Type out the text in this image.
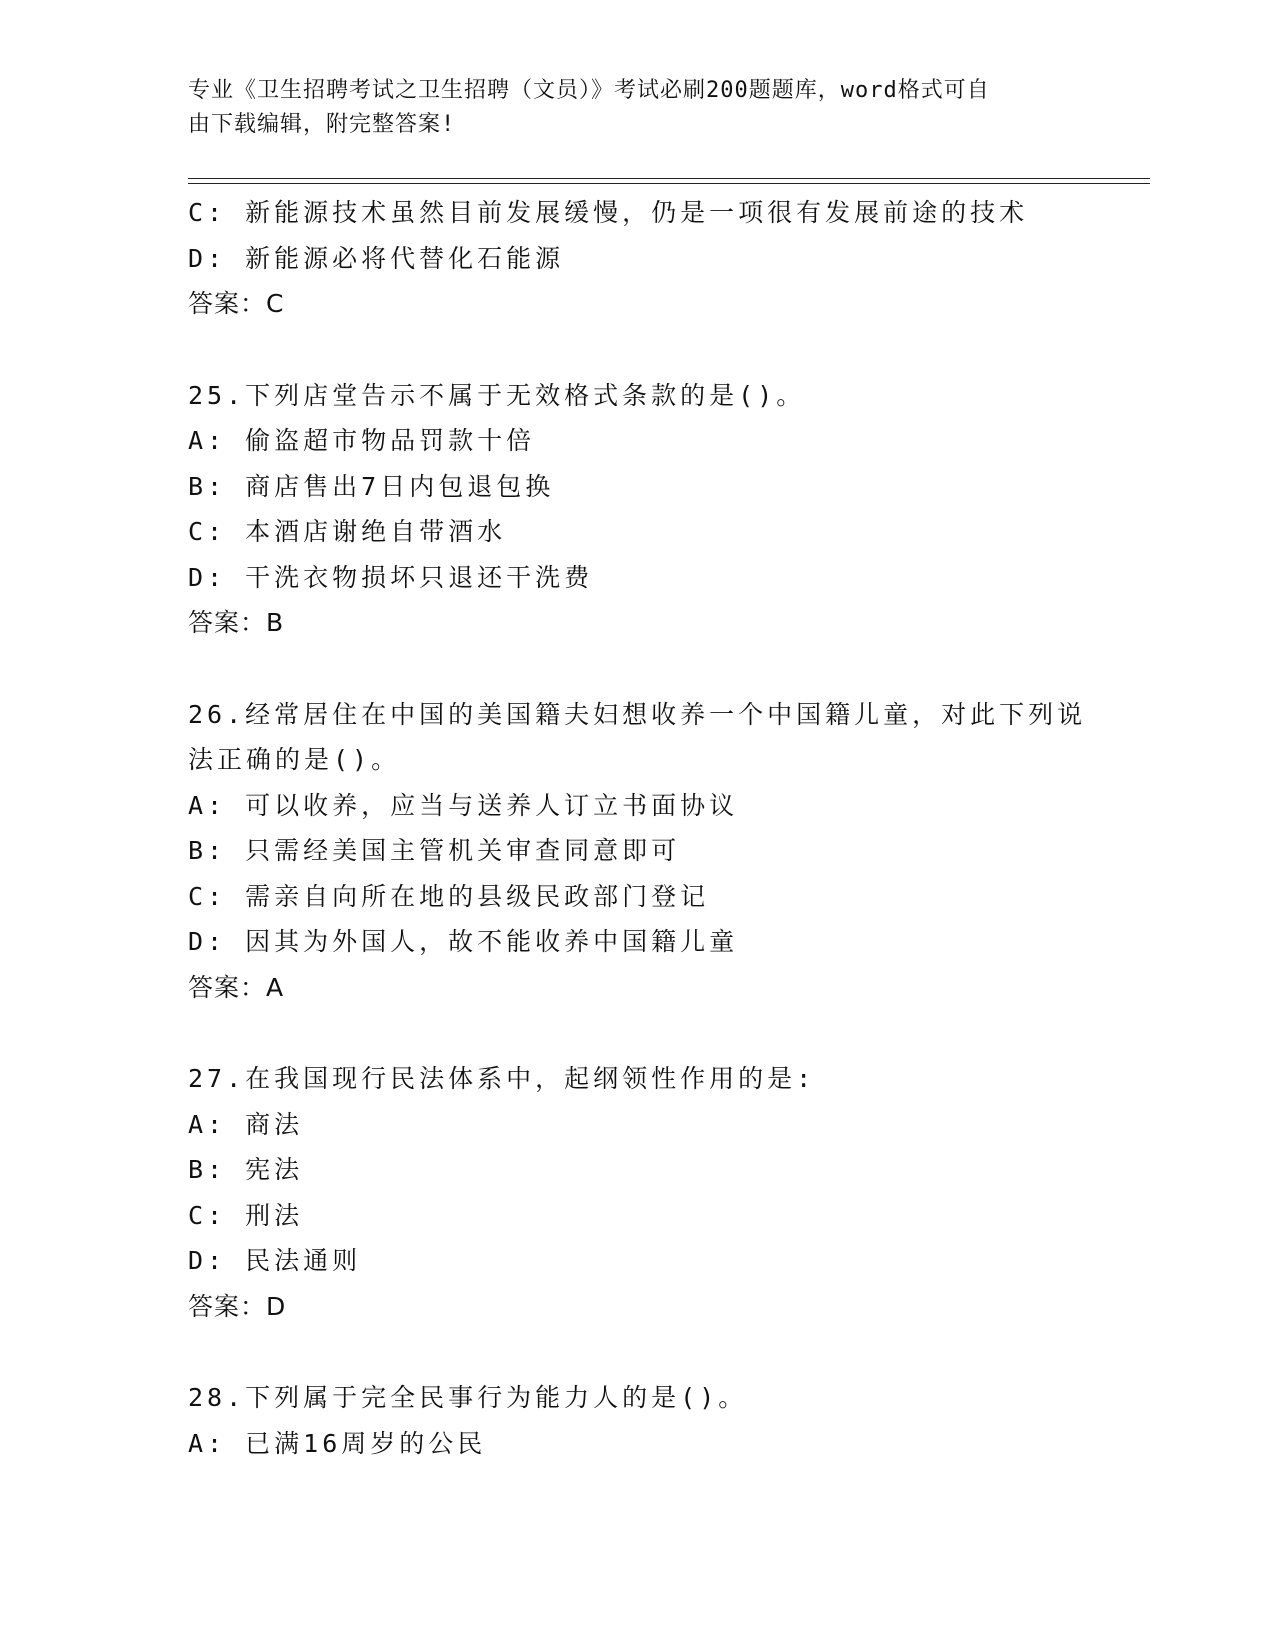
专业《卫生招聘考试之卫生招聘（文员）》考试必刷200题题库，word格式可自
由下载编辑，附完整答案!
C: 新能源技术虽然目前发展缓慢，仍是一项很有发展前途的技术
D: 新能源必将代替化石能源
答案：C
25.下列店堂告示不属于无效格式条款的是()。
A: 偷盗超市物品罚款十倍
B: 商店售出7日内包退包换
C: 本酒店谢绝自带酒水
D: 干洗衣物损坏只退还干洗费
答案：B
26.经常居住在中国的美国籍夫妇想收养一个中国籍儿童，对此下列说
法正确的是()。
A: 可以收养，应当与送养人订立书面协议
B: 只需经美国主管机关审查同意即可
C: 需亲自向所在地的县级民政部门登记
D: 因其为外国人，故不能收养中国籍儿童
答案：A
27.在我国现行民法体系中，起纲领性作用的是:
A: 商法
B: 宪法
C: 刑法
D: 民法通则
答案：D
28.下列属于完全民事行为能力人的是()。
A: 已满16周岁的公民
